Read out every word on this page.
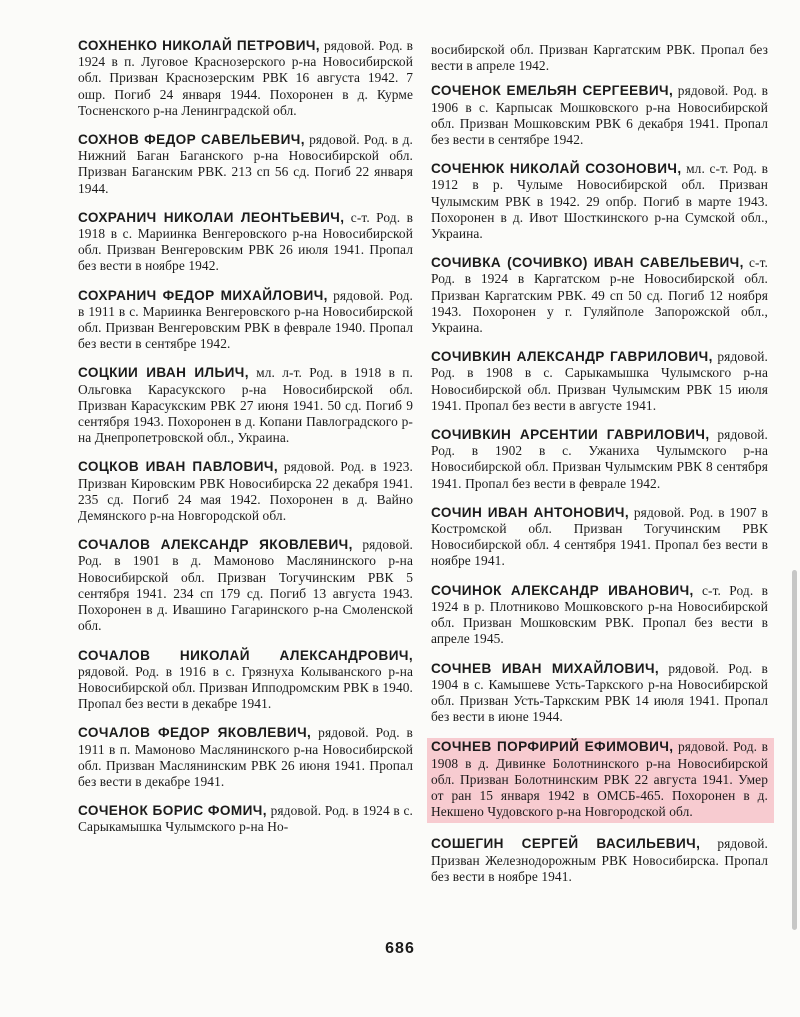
СОХНЕНКО НИКОЛАЙ ПЕТРОВИЧ, рядовой. Род. в 1924 в п. Луговое Краснозерского р-на Новосибирской обл. Призван Краснозерским РВК 16 августа 1942. 7 ошр. Погиб 24 января 1944. Похоронен в д. Курме Тосненского р-на Ленинградской обл.

СОХНОВ ФЕДОР САВЕЛЬЕВИЧ, рядовой. Род. в д. Нижний Баган Баганского р-на Новосибирской обл. Призван Баганским РВК. 213 сп 56 сд. Погиб 22 января 1944.

СОХРАНИЧ НИКОЛАИ ЛЕОНТЬЕВИЧ, с-т. Род. в 1918 в с. Мариинка Венгеровского р-на Новосибирской обл. Призван Венгеровским РВК 26 июля 1941. Пропал без вести в ноябре 1942.

СОХРАНИЧ ФЕДОР МИХАЙЛОВИЧ, рядовой. Род. в 1911 в с. Мариинка Венгеровского р-на Новосибирской обл. Призван Венгеровским РВК в феврале 1940. Пропал без вести в сентябре 1942.

СОЦКИИ ИВАН ИЛЬИЧ, мл. л-т. Род. в 1918 в п. Ольговка Карасукского р-на Новосибирской обл. Призван Карасукским РВК 27 июня 1941. 50 сд. Погиб 9 сентября 1943. Похоронен в д. Копани Павлоградского р-на Днепропетровской обл., Украина.

СОЦКОВ ИВАН ПАВЛОВИЧ, рядовой. Род. в 1923. Призван Кировским РВК Новосибирска 22 декабря 1941. 235 сд. Погиб 24 мая 1942. Похоронен в д. Вайно Демянского р-на Новгородской обл.

СОЧАЛОВ АЛЕКСАНДР ЯКОВЛЕВИЧ, рядовой. Род. в 1901 в д. Мамоново Маслянинского р-на Новосибирской обл. Призван Тогучинским РВК 5 сентября 1941. 234 сп 179 сд. Погиб 13 августа 1943. Похоронен в д. Ивашино Гагаринского р-на Смоленской обл.

СОЧАЛОВ НИКОЛАЙ АЛЕКСАНДРОВИЧ, рядовой. Род. в 1916 в с. Грязнуха Колыванского р-на Новосибирской обл. Призван Ипподромским РВК в 1940. Пропал без вести в декабре 1941.

СОЧАЛОВ ФЕДОР ЯКОВЛЕВИЧ, рядовой. Род. в 1911 в п. Мамоново Маслянинского р-на Новосибирской обл. Призван Маслянинским РВК 26 июня 1941. Пропал без вести в декабре 1941.

СОЧЕНОК БОРИС ФОМИЧ, рядовой. Род. в 1924 в с. Сарыкамышка Чулымского р-на Но-

восибирской обл. Призван Каргатским РВК. Пропал без вести в апреле 1942.

СОЧЕНОК ЕМЕЛЬЯН СЕРГЕЕВИЧ, рядовой. Род. в 1906 в с. Карпысак Мошковского р-на Новосибирской обл. Призван Мошковским РВК 6 декабря 1941. Пропал без вести в сентябре 1942.

СОЧЕНЮК НИКОЛАЙ СОЗОНОВИЧ, мл. с-т. Род. в 1912 в р. Чулыме Новосибирской обл. Призван Чулымским РВК в 1942. 29 опбр. Погиб в марте 1943. Похоронен в д. Ивот Шосткинского р-на Сумской обл., Украина.

СОЧИВКА (СОЧИВКО) ИВАН САВЕЛЬЕВИЧ, с-т. Род. в 1924 в Каргатском р-не Новосибирской обл. Призван Каргатским РВК. 49 сп 50 сд. Погиб 12 ноября 1943. Похоронен у г. Гуляйполе Запорожской обл., Украина.

СОЧИВКИН АЛЕКСАНДР ГАВРИЛОВИЧ, рядовой. Род. в 1908 в с. Сарыкамышка Чулымского р-на Новосибирской обл. Призван Чулымским РВК 15 июля 1941. Пропал без вести в августе 1941.

СОЧИВКИН АРСЕНТИИ ГАВРИЛОВИЧ, рядовой. Род. в 1902 в с. Ужаниха Чулымского р-на Новосибирской обл. Призван Чулымским РВК 8 сентября 1941. Пропал без вести в феврале 1942.

СОЧИН ИВАН АНТОНОВИЧ, рядовой. Род. в 1907 в Костромской обл. Призван Тогучинским РВК Новосибирской обл. 4 сентября 1941. Пропал без вести в ноябре 1941.

СОЧИНОК АЛЕКСАНДР ИВАНОВИЧ, с-т. Род. в 1924 в р. Плотниково Мошковского р-на Новосибирской обл. Призван Мошковским РВК. Пропал без вести в апреле 1945.

СОЧНЕВ ИВАН МИХАЙЛОВИЧ, рядовой. Род. в 1904 в с. Камышеве Усть-Таркского р-на Новосибирской обл. Призван Усть-Таркским РВК 14 июля 1941. Пропал без вести в июне 1944.

СОЧНЕВ ПОРФИРИЙ ЕФИМОВИЧ, рядовой. Род. в 1908 в д. Дивинке Болотнинского р-на Новосибирской обл. Призван Болотнинским РВК 22 августа 1941. Умер от ран 15 января 1942 в ОМСБ-465. Похоронен в д. Некшено Чудовского р-на Новгородской обл.

СОШЕГИН СЕРГЕЙ ВАСИЛЬЕВИЧ, рядовой. Призван Железнодорожным РВК Новосибирска. Пропал без вести в ноябре 1941.

686
